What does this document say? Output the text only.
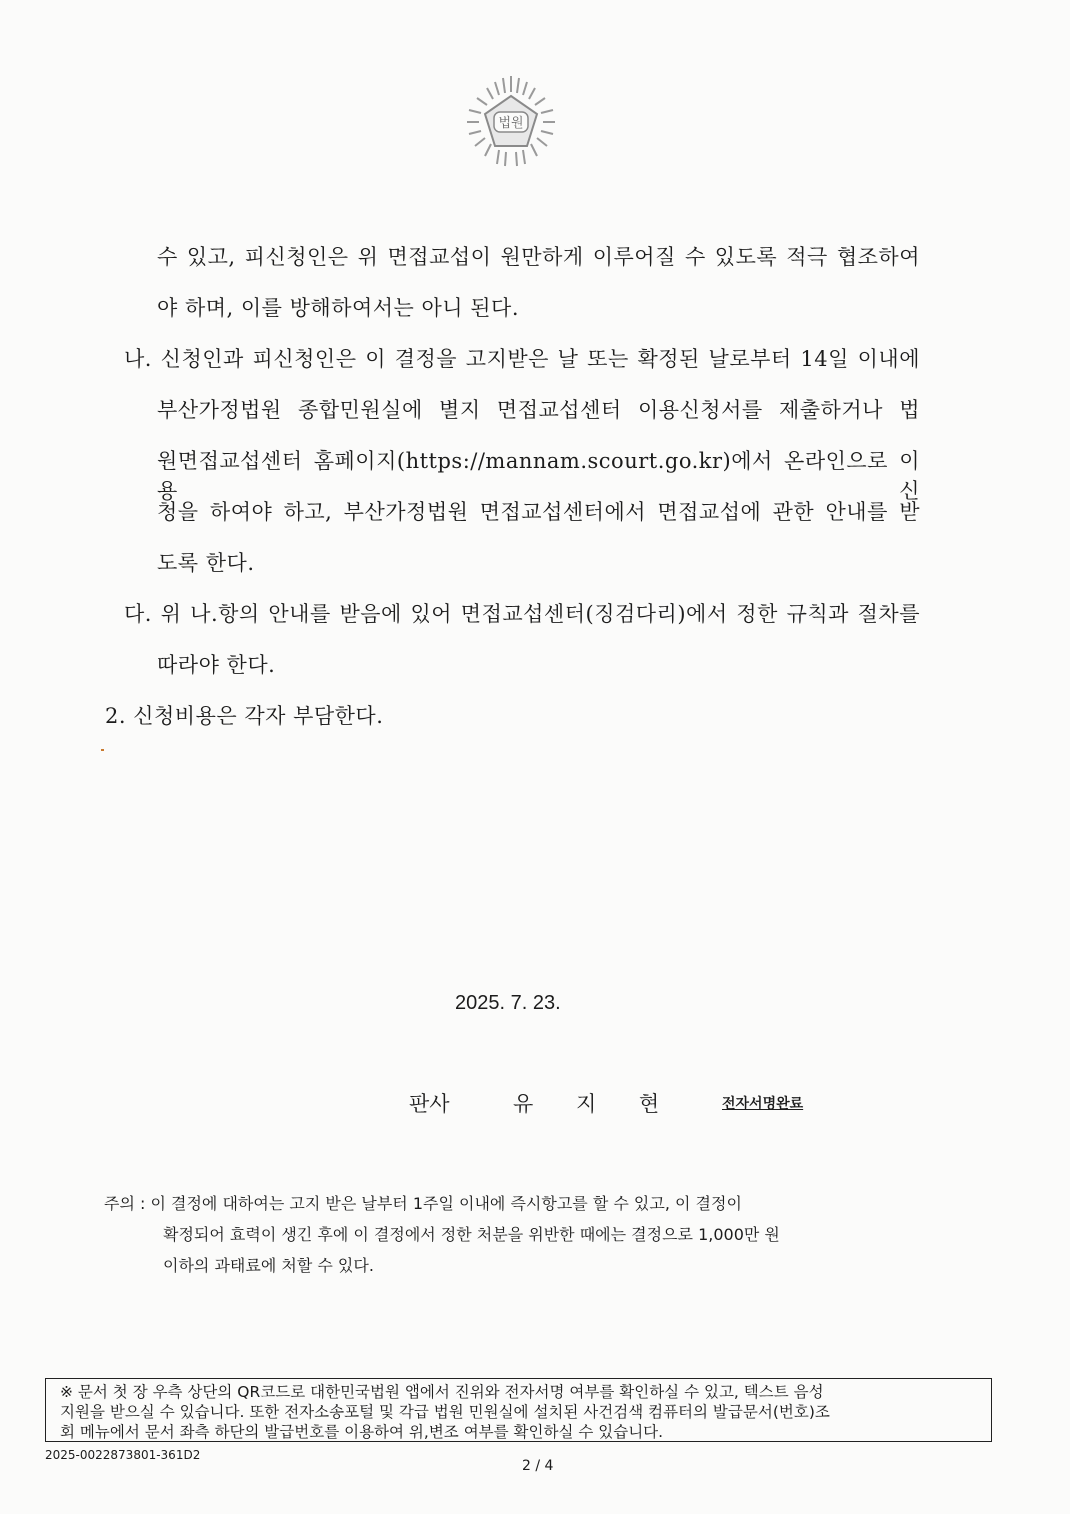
법원
수 있고, 피신청인은 위 면접교섭이 원만하게 이루어질 수 있도록 적극 협조하여
야 하며, 이를 방해하여서는 아니 된다.
나. 신청인과 피신청인은 이 결정을 고지받은 날 또는 확정된 날로부터 14일 이내에
부산가정법원 종합민원실에 별지 면접교섭센터 이용신청서를 제출하거나 법
원면접교섭센터 홈페이지(https://mannam.scourt.go.kr)에서 온라인으로 이용 신
청을 하여야 하고, 부산가정법원 면접교섭센터에서 면접교섭에 관한 안내를 받
도록 한다.
다. 위 나.항의 안내를 받음에 있어 면접교섭센터(징검다리)에서 정한 규칙과 절차를
따라야 한다.
2. 신청비용은 각자 부담한다.
2025. 7. 23.
판사	유 지 현	전자서명완료
주의 : 이 결정에 대하여는 고지 받은 날부터 1주일 이내에 즉시항고를 할 수 있고, 이 결정이
확정되어 효력이 생긴 후에 이 결정에서 정한 처분을 위반한 때에는 결정으로 1,000만 원
이하의 과태료에 처할 수 있다.
※ 문서 첫 장 우측 상단의 QR코드로 대한민국법원 앱에서 진위와 전자서명 여부를 확인하실 수 있고, 텍스트 음성
지원을 받으실 수 있습니다. 또한 전자소송포털 및 각급 법원 민원실에 설치된 사건검색 컴퓨터의 발급문서(번호)조
회 메뉴에서 문서 좌측 하단의 발급번호를 이용하여 위,변조 여부를 확인하실 수 있습니다.
2025-0022873801-361D2
2 / 4
